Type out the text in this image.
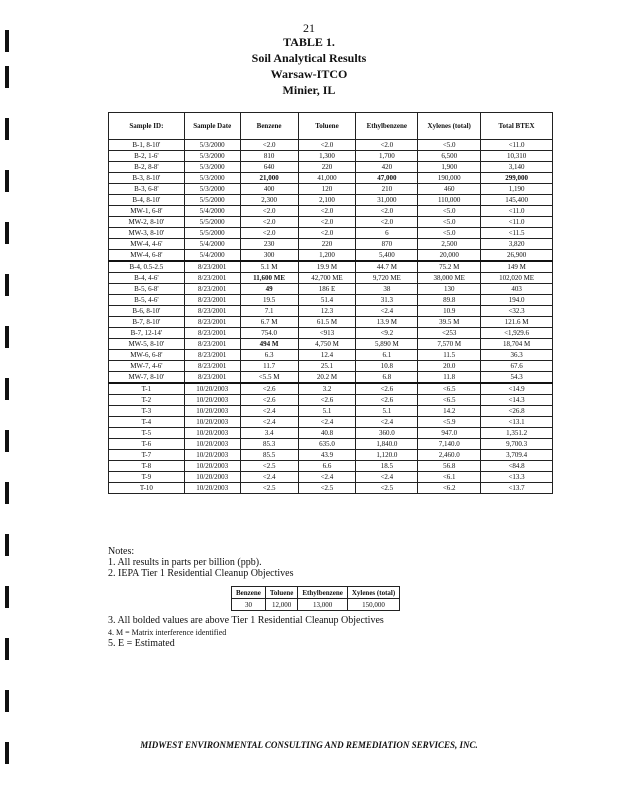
21
TABLE 1.
Soil Analytical Results
Warsaw-ITCO
Minier, IL
Sample ID:	Sample Date	Benzene	Toluene	Ethylbenzene	Xylenes (total)	Total BTEX
B-1, 8-10'	5/3/2000	<2.0	<2.0	<2.0	<5.0	<11.0
B-2, 1-6'	5/3/2000	810	1,300	1,700	6,500	10,310
B-2, 8-8'	5/3/2000	640	220	420	1,900	3,140
B-3, 8-10'	5/3/2000	21,000	41,000	47,000	190,000	299,000
B-3, 6-8'	5/3/2000	400	120	210	460	1,190
B-4, 8-10'	5/5/2000	2,300	2,100	31,000	110,000	145,400
MW-1, 6-8'	5/4/2000	<2.0	<2.0	<2.0	<5.0	<11.0
MW-2, 8-10'	5/5/2000	<2.0	<2.0	<2.0	<5.0	<11.0
MW-3, 8-10'	5/5/2000	<2.0	<2.0	6	<5.0	<11.5
MW-4, 4-6'	5/4/2000	230	220	870	2,500	3,820
MW-4, 6-8'	5/4/2000	300	1,200	5,400	20,000	26,900
B-4, 0.5-2.5	8/23/2001	5.1 M	19.9 M	44.7 M	75.2 M	149 M
B-4, 4-6'	8/23/2001	11,600 ME	42,700 ME	9,720 ME	38,000 ME	102,020 ME
B-5, 6-8'	8/23/2001	49	186 E	38	130	403
B-5, 4-6'	8/23/2001	19.5	51.4	31.3	89.8	194.0
B-6, 8-10'	8/23/2001	7.1	12.3	<2.4	10.9	<32.3
B-7, 8-10'	8/23/2001	6.7 M	61.5 M	13.9 M	39.5 M	121.6 M
B-7, 12-14'	8/23/2001	754.0	<913	<9.2	<253	<1,929.6
MW-5, 8-10'	8/23/2001	494 M	4,750 M	5,890 M	7,570 M	18,704 M
MW-6, 6-8'	8/23/2001	6.3	12.4	6.1	11.5	36.3
MW-7, 4-6'	8/23/2001	11.7	25.1	10.8	20.0	67.6
MW-7, 8-10'	8/23/2001	<5.5 M	20.2 M	6.8	11.8	54.3
T-1	10/20/2003	<2.6	3.2	<2.6	<6.5	<14.9
T-2	10/20/2003	<2.6	<2.6	<2.6	<6.5	<14.3
T-3	10/20/2003	<2.4	5.1	5.1	14.2	<26.8
T-4	10/20/2003	<2.4	<2.4	<2.4	<5.9	<13.1
T-5	10/20/2003	3.4	40.8	360.0	947.0	1,351.2
T-6	10/20/2003	85.3	635.0	1,840.0	7,140.0	9,700.3
T-7	10/20/2003	85.5	43.9	1,120.0	2,460.0	3,709.4
T-8	10/20/2003	<2.5	6.6	18.5	56.8	<84.8
T-9	10/20/2003	<2.4	<2.4	<2.4	<6.1	<13.3
T-10	10/20/2003	<2.5	<2.5	<2.5	<6.2	<13.7
Notes:
1. All results in parts per billion (ppb).
2. IEPA Tier 1 Residential Cleanup Objectives
Benzene	Toluene	Ethylbenzene	Xylenes (total)
30	12,000	13,000	150,000
3. All bolded values are above Tier 1 Residential Cleanup Objectives
4. M = Matrix interference identified
5. E = Estimated
MIDWEST ENVIRONMENTAL CONSULTING AND REMEDIATION SERVICES, INC.
